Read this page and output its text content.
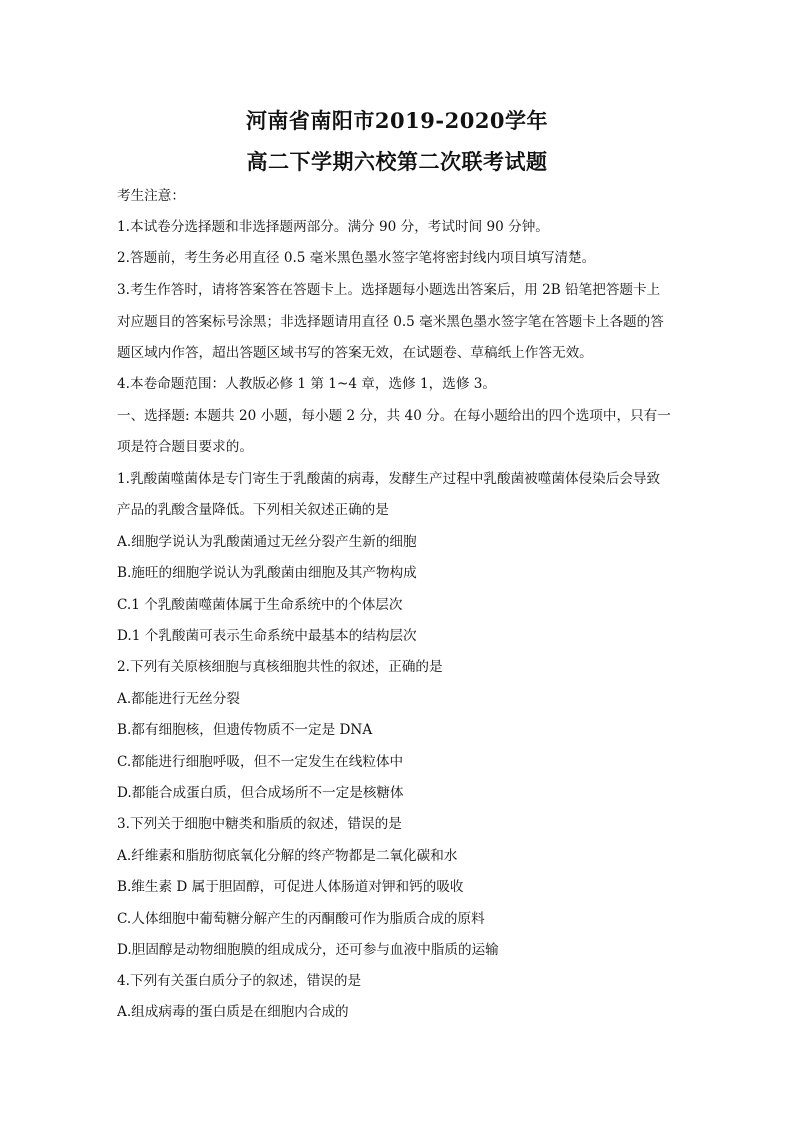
河南省南阳市2019-2020学年
高二下学期六校第二次联考试题
考生注意：
1.本试卷分选择题和非选择题两部分。满分 90 分，考试时间 90 分钟。
2.答题前，考生务必用直径 0.5 毫米黑色墨水签字笔将密封线内项目填写清楚。
3.考生作答时，请将答案答在答题卡上。选择题每小题选出答案后，用 2B 铅笔把答题卡上
对应题目的答案标号涂黑；非选择题请用直径 0.5 毫米黑色墨水签字笔在答题卡上各题的答
题区域内作答，超出答题区域书写的答案无效，在试题卷、草稿纸上作答无效。
4.本卷命题范围：人教版必修 1 第 1~4 章，选修 1，选修 3。
一、选择题: 本题共 20 小题，每小题 2 分，共 40 分。在每小题给出的四个选项中，只有一
项是符合题目要求的。
1.乳酸菌噬菌体是专门寄生于乳酸菌的病毒，发酵生产过程中乳酸菌被噬菌体侵染后会导致
产品的乳酸含量降低。下列相关叙述正确的是
A.细胞学说认为乳酸菌通过无丝分裂产生新的细胞
B.施旺的细胞学说认为乳酸菌由细胞及其产物构成
C.1 个乳酸菌噬菌体属于生命系统中的个体层次
D.1 个乳酸菌可表示生命系统中最基本的结构层次
2.下列有关原核细胞与真核细胞共性的叙述，正确的是
A.都能进行无丝分裂
B.都有细胞核，但遗传物质不一定是 DNA
C.都能进行细胞呼吸，但不一定发生在线粒体中
D.都能合成蛋白质，但合成场所不一定是核糖体
3.下列关于细胞中糖类和脂质的叙述，错误的是
A.纤维素和脂肪彻底氧化分解的终产物都是二氧化碳和水
B.维生素 D 属于胆固醇，可促进人体肠道对钾和钙的吸收
C.人体细胞中葡萄糖分解产生的丙酮酸可作为脂质合成的原料
D.胆固醇是动物细胞膜的组成成分，还可参与血液中脂质的运输
4.下列有关蛋白质分子的叙述，错误的是
A.组成病毒的蛋白质是在细胞内合成的
